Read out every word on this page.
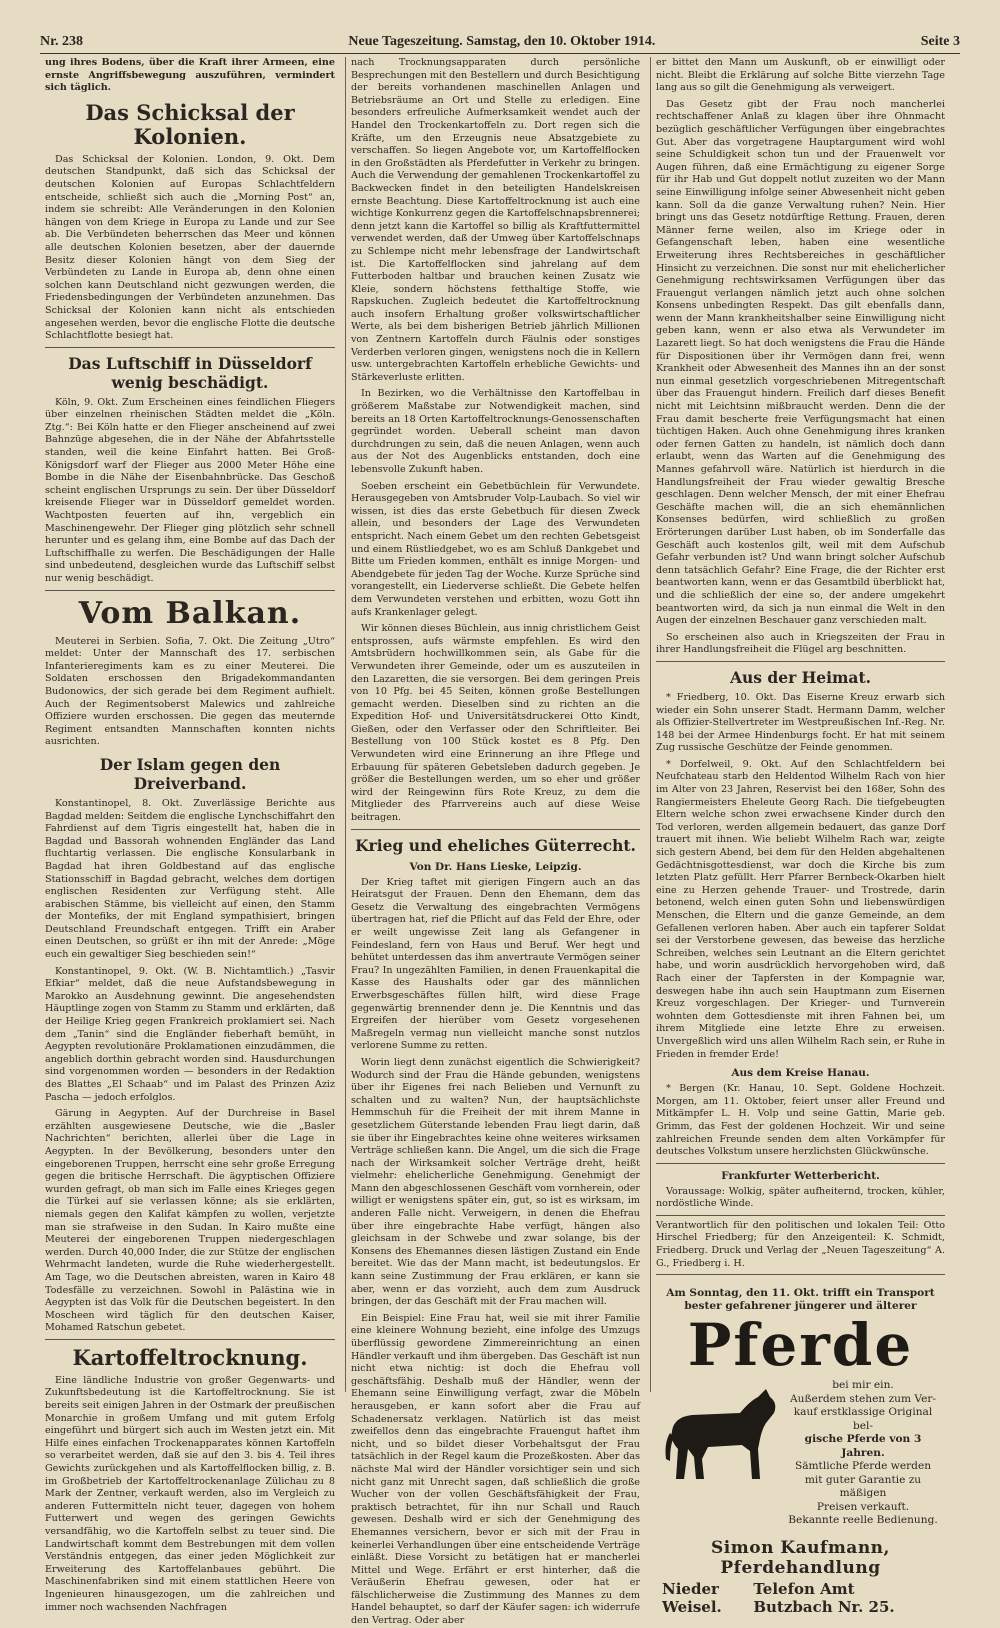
Nr. 238	Neue Tageszeitung. Samstag, den 10. Oktober 1914.	Seite 3

ung ihres Bodens, über die Kraft ihrer Armeen, eine ernste Angriffsbewegung auszuführen, vermindert sich täglich.

Das Schicksal der Kolonien.

Das Schicksal der Kolonien. London, 9. Okt. Dem deutschen Standpunkt, daß sich das Schicksal der deutschen Kolonien auf Europas Schlachtfeldern entscheide, schließt sich auch die „Morning Post“ an, indem sie schreibt: Alle Veränderungen in den Kolonien hängen von dem Kriege in Europa zu Lande und zur See ab. Die Verbündeten beherrschen das Meer und können alle deutschen Kolonien besetzen, aber der dauernde Besitz dieser Kolonien hängt von dem Sieg der Verbündeten zu Lande in Europa ab, denn ohne einen solchen kann Deutschland nicht gezwungen werden, die Friedensbedingungen der Verbündeten anzunehmen. Das Schicksal der Kolonien kann nicht als entschieden angesehen werden, bevor die englische Flotte die deutsche Schlachtflotte besiegt hat.

Das Luftschiff in Düsseldorf wenig beschädigt.

Köln, 9. Okt. Zum Erscheinen eines feindlichen Fliegers über einzelnen rheinischen Städten meldet die „Köln. Ztg.“: Bei Köln hatte er den Flieger anscheinend auf zwei Bahnzüge abgesehen, die in der Nähe der Abfahrtsstelle standen, weil die keine Einfahrt hatten. Bei Groß-Königsdorf warf der Flieger aus 2000 Meter Höhe eine Bombe in die Nähe der Eisenbahnbrücke. Das Geschoß scheint englischen Ursprungs zu sein. Der über Düsseldorf kreisende Flieger war in Düsseldorf gemeldet worden. Wachtposten feuerten auf ihn, vergeblich ein Maschinengewehr. Der Flieger ging plötzlich sehr schnell herunter und es gelang ihm, eine Bombe auf das Dach der Luftschiffhalle zu werfen. Die Beschädigungen der Halle sind unbedeutend, desgleichen wurde das Luftschiff selbst nur wenig beschädigt.

Vom Balkan.

Meuterei in Serbien. Sofia, 7. Okt. Die Zeitung „Utro“ meldet: Unter der Mannschaft des 17. serbischen Infanterieregiments kam es zu einer Meuterei. Die Soldaten erschossen den Brigadekommandanten Budonowics, der sich gerade bei dem Regiment aufhielt. Auch der Regimentsoberst Malewics und zahlreiche Offiziere wurden erschossen. Die gegen das meuternde Regiment entsandten Mannschaften konnten nichts ausrichten.

Der Islam gegen den Dreiverband.

Konstantinopel, 8. Okt. Zuverlässige Berichte aus Bagdad melden: Seitdem die englische Lynchschiffahrt den Fahrdienst auf dem Tigris eingestellt hat, haben die in Bagdad und Bassorah wohnenden Engländer das Land fluchtartig verlassen. Die englische Konsularbank in Bagdad hat ihren Goldbestand auf das englische Stationsschiff in Bagdad gebracht, welches dem dortigen englischen Residenten zur Verfügung steht. Alle arabischen Stämme, bis vielleicht auf einen, den Stamm der Montefiks, der mit England sympathisiert, bringen Deutschland Freundschaft entgegen. Trifft ein Araber einen Deutschen, so grüßt er ihn mit der Anrede: „Möge euch ein gewaltiger Sieg beschieden sein!“

Konstantinopel, 9. Okt. (W. B. Nichtamtlich.) „Tasvir Efkiar“ meldet, daß die neue Aufstandsbewegung in Marokko an Ausdehnung gewinnt. Die angesehendsten Häuptlinge zogen von Stamm zu Stamm und erklärten, daß der Heilige Krieg gegen Frankreich proklamiert sei. Nach dem „Tanin“ sind die Engländer fieberhaft bemüht, in Aegypten revolutionäre Proklamationen einzudämmen, die angeblich dorthin gebracht worden sind. Hausdurchungen sind vorgenommen worden — besonders in der Redaktion des Blattes „El Schaab“ und im Palast des Prinzen Aziz Pascha — jedoch erfolglos.

Gärung in Aegypten. Auf der Durchreise in Basel erzählten ausgewiesene Deutsche, wie die „Basler Nachrichten“ berichten, allerlei über die Lage in Aegypten. In der Bevölkerung, besonders unter den eingeborenen Truppen, herrscht eine sehr große Erregung gegen die britische Herrschaft. Die ägyptischen Offiziere wurden gefragt, ob man sich im Falle eines Krieges gegen die Türkei auf sie verlassen könne; als sie erklärten, niemals gegen den Kalifat kämpfen zu wollen, verjetzte man sie strafweise in den Sudan. In Kairo mußte eine Meuterei der eingeborenen Truppen niedergeschlagen werden. Durch 40,000 Inder, die zur Stütze der englischen Wehrmacht landeten, wurde die Ruhe wiederhergestellt. Am Tage, wo die Deutschen abreisten, waren in Kairo 48 Todesfälle zu verzeichnen. Sowohl in Palästina wie in Aegypten ist das Volk für die Deutschen begeistert. In den Moscheen wird täglich für den deutschen Kaiser, Mohamed Ratschun gebetet.

Kartoffeltrocknung.

Eine ländliche Industrie von großer Gegenwarts- und Zukunftsbedeutung ist die Kartoffeltrocknung. Sie ist bereits seit einigen Jahren in der Ostmark der preußischen Monarchie in großem Umfang und mit gutem Erfolg eingeführt und bürgert sich auch im Westen jetzt ein. Mit Hilfe eines einfachen Trockenapparates können Kartoffeln so verarbeitet werden, daß sie auf den 3. bis 4. Teil ihres Gewichts zurückgehen und als Kartoffelflocken billig, z. B. im Großbetrieb der Kartoffeltrockenanlage Zülichau zu 8 Mark der Zentner, verkauft werden, also im Vergleich zu anderen Futtermitteln nicht teuer, dagegen von hohem Futterwert und wegen des geringen Gewichts versandfähig, wo die Kartoffeln selbst zu teuer sind. Die Landwirtschaft kommt dem Bestrebungen mit dem vollen Verständnis entgegen, das einer jeden Möglichkeit zur Erweiterung des Kartoffelanbaues gebührt. Die Maschinenfabriken sind mit einem stattlichen Heere von Ingenieuren hinausgezogen, um die zahlreichen und immer noch wachsenden Nachfragen

nach Trocknungsapparaten durch persönliche Besprechungen mit den Bestellern und durch Besichtigung der bereits vorhandenen maschinellen Anlagen und Betriebsräume an Ort und Stelle zu erledigen. Eine besonders erfreuliche Aufmerksamkeit wendet auch der Handel den Trockenkartoffeln zu. Dort regen sich die Kräfte, um den Erzeugnis neue Absatzgebiete zu verschaffen. So liegen Angebote vor, um Kartoffelflocken in den Großstädten als Pferdefutter in Verkehr zu bringen. Auch die Verwendung der gemahlenen Trockenkartoffel zu Backwecken findet in den beteiligten Handelskreisen ernste Beachtung. Diese Kartoffeltrocknung ist auch eine wichtige Konkurrenz gegen die Kartoffelschnapsbrennerei; denn jetzt kann die Kartoffel so billig als Kraftfuttermittel verwendet werden, daß der Umweg über Kartoffelschnaps zu Schlempe nicht mehr lebensfrage der Landwirtschaft ist. Die Kartoffelflocken sind jahrelang auf dem Futterboden haltbar und brauchen keinen Zusatz wie Kleie, sondern höchstens fetthaltige Stoffe, wie Rapskuchen. Zugleich bedeutet die Kartoffeltrocknung auch insofern Erhaltung großer volkswirtschaftlicher Werte, als bei dem bisherigen Betrieb jährlich Millionen von Zentnern Kartoffeln durch Fäulnis oder sonstiges Verderben verloren gingen, wenigstens noch die in Kellern usw. untergebrachten Kartoffeln erhebliche Gewichts- und Stärkeverluste erlitten.

In Bezirken, wo die Verhältnisse den Kartoffelbau in größerem Maßstabe zur Notwendigkeit machen, sind bereits an 18 Orten Kartoffeltrocknungs-Genossenschaften gegründet worden. Ueberall scheint man davon durchdrungen zu sein, daß die neuen Anlagen, wenn auch aus der Not des Augenblicks entstanden, doch eine lebensvolle Zukunft haben.

Soeben erscheint ein Gebetbüchlein für Verwundete. Herausgegeben von Amtsbruder Volp-Laubach. So viel wir wissen, ist dies das erste Gebetbuch für diesen Zweck allein, und besonders der Lage des Verwundeten entspricht. Nach einem Gebet um den rechten Gebetsgeist und einem Rüstliedgebet, wo es am Schluß Dankgebet und Bitte um Frieden kommen, enthält es innige Morgen- und Abendgebete für jeden Tag der Woche. Kurze Sprüche sind vorangestellt, ein Liederverse schließt. Die Gebete helfen dem Verwundeten verstehen und erbitten, wozu Gott ihn aufs Krankenlager gelegt.

Wir können dieses Büchlein, aus innig christlichem Geist entsprossen, aufs wärmste empfehlen. Es wird den Amtsbrüdern hochwillkommen sein, als Gabe für die Verwundeten ihrer Gemeinde, oder um es auszuteilen in den Lazaretten, die sie versorgen. Bei dem geringen Preis von 10 Pfg. bei 45 Seiten, können große Bestellungen gemacht werden. Dieselben sind zu richten an die Expedition Hof- und Universitätsdruckerei Otto Kindt, Gießen, oder den Verfasser oder den Schriftleiter. Bei Bestellung von 100 Stück kostet es 8 Pfg. Den Verwundeten wird eine Erinnerung an ihre Pflege und Erbauung für späteren Gebetsleben dadurch gegeben. Je größer die Bestellungen werden, um so eher und größer wird der Reingewinn fürs Rote Kreuz, zu dem die Mitglieder des Pfarrvereins auch auf diese Weise beitragen.

Krieg und eheliches Güterrecht.
Von Dr. Hans Lieske, Leipzig.

Der Krieg taftet mit gierigen Fingern auch an das Heiratsgut der Frauen. Denn den Ehemann, dem das Gesetz die Verwaltung des eingebrachten Vermögens übertragen hat, rief die Pflicht auf das Feld der Ehre, oder er weilt ungewisse Zeit lang als Gefangener in Feindesland, fern von Haus und Beruf. Wer hegt und behütet unterdessen das ihm anvertraute Vermögen seiner Frau? In ungezählten Familien, in denen Frauenkapital die Kasse des Haushalts oder gar des männlichen Erwerbsgeschäftes füllen hilft, wird diese Frage gegenwärtig brennender denn je. Die Kenntnis und das Ergreifen der hierüber vom Gesetz vorgesehenen Maßregeln vermag nun vielleicht manche sonst nutzlos verlorene Summe zu retten.

Worin liegt denn zunächst eigentlich die Schwierigkeit? Wodurch sind der Frau die Hände gebunden, wenigstens über ihr Eigenes frei nach Belieben und Vernunft zu schalten und zu walten? Nun, der hauptsächlichste Hemmschuh für die Freiheit der mit ihrem Manne in gesetzlichem Güterstande lebenden Frau liegt darin, daß sie über ihr Eingebrachtes keine ohne weiteres wirksamen Verträge schließen kann. Die Angel, um die sich die Frage nach der Wirksamkeit solcher Verträge dreht, heißt vielmehr: ehelicherliche Genehmigung. Genehmigt der Mann den abgeschlossenen Geschäft vom vornherein, oder willigt er wenigstens später ein, gut, so ist es wirksam, im anderen Falle nicht. Verweigern, in denen die Ehefrau über ihre eingebrachte Habe verfügt, hängen also gleichsam in der Schwebe und zwar solange, bis der Konsens des Ehemannes diesen lästigen Zustand ein Ende bereitet. Wie das der Mann macht, ist bedeutungslos. Er kann seine Zustimmung der Frau erklären, er kann sie aber, wenn er das vorzieht, auch dem zum Ausdruck bringen, der das Geschäft mit der Frau machen will.

Ein Beispiel: Eine Frau hat, weil sie mit ihrer Familie eine kleinere Wohnung bezieht, eine infolge des Umzugs überflüssig gewordene Zimmereinrichtung an einen Händler verkauft und ihm übergeben. Das Geschäft ist nun nicht etwa nichtig: ist doch die Ehefrau voll geschäftsfähig. Deshalb muß der Händler, wenn der Ehemann seine Einwilligung verfagt, zwar die Möbeln herausgeben, er kann sofort aber die Frau auf Schadenersatz verklagen. Natürlich ist das meist zweifellos denn das eingebrachte Frauengut haftet ihm nicht, und so bildet dieser Vorbehaltsgut der Frau tatsächlich in der Regel kaum die Prozeßkosten. Aber das nächste Mal wird der Händler vorsichtiger sein und sich nicht ganz mit Unrecht sagen, daß schließlich die große Wucher von der vollen Geschäftsfähigkeit der Frau, praktisch betrachtet, für ihn nur Schall und Rauch gewesen. Deshalb wird er sich der Genehmigung des Ehemannes versichern, bevor er sich mit der Frau in keinerlei Verhandlungen über eine entscheidende Verträge einläßt. Diese Vorsicht zu betätigen hat er mancherlei Mittel und Wege. Erfährt er erst hinterher, daß die Veräußerin Ehefrau gewesen, oder hat er fälschlicherweise die Zustimmung des Mannes zu dem Handel behauptet, so darf der Käufer sagen: ich widerrufe den Vertrag. Oder aber

er bittet den Mann um Auskunft, ob er einwilligt oder nicht. Bleibt die Erklärung auf solche Bitte vierzehn Tage lang aus so gilt die Genehmigung als verweigert.

Das Gesetz gibt der Frau noch mancherlei rechtschaffener Anlaß zu klagen über ihre Ohnmacht bezüglich geschäftlicher Verfügungen über eingebrachtes Gut. Aber das vorgetragene Hauptargument wird wohl seine Schuldigkeit schon tun und der Frauenwelt vor Augen führen, daß eine Ermächtigung zu eigener Sorge für ihr Hab und Gut doppelt notlut zuzeiten wo der Mann seine Einwilligung infolge seiner Abwesenheit nicht geben kann. Soll da die ganze Verwaltung ruhen? Nein. Hier bringt uns das Gesetz notdürftige Rettung. Frauen, deren Männer ferne weilen, also im Kriege oder in Gefangenschaft leben, haben eine wesentliche Erweiterung ihres Rechtsbereiches in geschäftlicher Hinsicht zu verzeichnen. Die sonst nur mit ehelicherlicher Genehmigung rechtswirksamen Verfügungen über das Frauengut verlangen nämlich jetzt auch ohne solchen Konsens unbedingten Respekt. Das gilt ebenfalls dann, wenn der Mann krankheitshalber seine Einwilligung nicht geben kann, wenn er also etwa als Verwundeter im Lazarett liegt. So hat doch wenigstens die Frau die Hände für Dispositionen über ihr Vermögen dann frei, wenn Krankheit oder Abwesenheit des Mannes ihn an der sonst nun einmal gesetzlich vorgeschriebenen Mitregentschaft über das Frauengut hindern. Freilich darf dieses Benefit nicht mit Leichtsinn mißbraucht werden. Denn die der Frau damit bescherte freie Verfügungsmacht hat einen tüchtigen Haken. Auch ohne Genehmigung ihres kranken oder fernen Gatten zu handeln, ist nämlich doch dann erlaubt, wenn das Warten auf die Genehmigung des Mannes gefahrvoll wäre. Natürlich ist hierdurch in die Handlungsfreiheit der Frau wieder gewaltig Bresche geschlagen. Denn welcher Mensch, der mit einer Ehefrau Geschäfte machen will, die an sich ehemännlichen Konsenses bedürfen, wird schließlich zu großen Erörterungen darüber Lust haben, ob im Sonderfalle das Geschäft auch kostenlos gilt, weil mit dem Aufschub Gefahr verbunden ist? Und wann bringt solcher Aufschub denn tatsächlich Gefahr? Eine Frage, die der Richter erst beantworten kann, wenn er das Gesamtbild überblickt hat, und die schließlich der eine so, der andere umgekehrt beantworten wird, da sich ja nun einmal die Welt in den Augen der einzelnen Beschauer ganz verschieden malt.

So erscheinen also auch in Kriegszeiten der Frau in ihrer Handlungsfreiheit die Flügel arg beschnitten.

Aus der Heimat.

* Friedberg, 10. Okt. Das Eiserne Kreuz erwarb sich wieder ein Sohn unserer Stadt. Hermann Damm, welcher als Offizier-Stellvertreter im Westpreußischen Inf.-Reg. Nr. 148 bei der Armee Hindenburgs focht. Er hat mit seinem Zug russische Geschütze der Feinde genommen.

* Dorfelweil, 9. Okt. Auf den Schlachtfeldern bei Neufchateau starb den Heldentod Wilhelm Rach von hier im Alter von 23 Jahren, Reservist bei den 168er, Sohn des Rangiermeisters Eheleute Georg Rach. Die tiefgebeugten Eltern welche schon zwei erwachsene Kinder durch den Tod verloren, werden allgemein bedauert, das ganze Dorf trauert mit ihnen. Wie beliebt Wilhelm Rach war, zeigte sich gestern Abend, bei dem für den Helden abgehaltenen Gedächtnisgottesdienst, war doch die Kirche bis zum letzten Platz gefüllt. Herr Pfarrer Bernbeck-Okarben hielt eine zu Herzen gehende Trauer- und Trostrede, darin betonend, welch einen guten Sohn und liebenswürdigen Menschen, die Eltern und die ganze Gemeinde, an dem Gefallenen verloren haben. Aber auch ein tapferer Soldat sei der Verstorbene gewesen, das beweise das herzliche Schreiben, welches sein Leutnant an die Eltern gerichtet habe, und worin ausdrücklich hervorgehoben wird, daß Rach einer der Tapfersten in der Kompagnie war, deswegen habe ihn auch sein Hauptmann zum Eisernen Kreuz vorgeschlagen. Der Krieger- und Turnverein wohnten dem Gottesdienste mit ihren Fahnen bei, um ihrem Mitgliede eine letzte Ehre zu erweisen. Unvergeßlich wird uns allen Wilhelm Rach sein, er Ruhe in Frieden in fremder Erde!

Aus dem Kreise Hanau.

* Bergen (Kr. Hanau, 10. Sept. Goldene Hochzeit. Morgen, am 11. Oktober, feiert unser aller Freund und Mitkämpfer L. H. Volp und seine Gattin, Marie geb. Grimm, das Fest der goldenen Hochzeit. Wir und seine zahlreichen Freunde senden dem alten Vorkämpfer für deutsches Volkstum unsere herzlichsten Glückwünsche.

Frankfurter Wetterbericht.

Voraussage: Wolkig, später aufheiternd, trocken, kühler, nordöstliche Winde.

Verantwortlich für den politischen und lokalen Teil: Otto Hirschel Friedberg; für den Anzeigenteil: K. Schmidt, Friedberg. Druck und Verlag der „Neuen Tageszeitung“ A. G., Friedberg i. H.

Am Sonntag, den 11. Okt. trifft ein Transport
bester gefahrener jüngerer und älterer
Pferde
bei mir ein.
Außerdem stehen zum Ver-
kauf erstklassige Original bel-
gische Pferde von 3 Jahren.
Sämtliche Pferde werden
mit guter Garantie zu mäßigen
Preisen verkauft.
Bekannte reelle Bedienung.
Simon Kaufmann, Pferdehandlung
Nieder Weisel.
Telefon Amt Butzbach Nr. 25.
